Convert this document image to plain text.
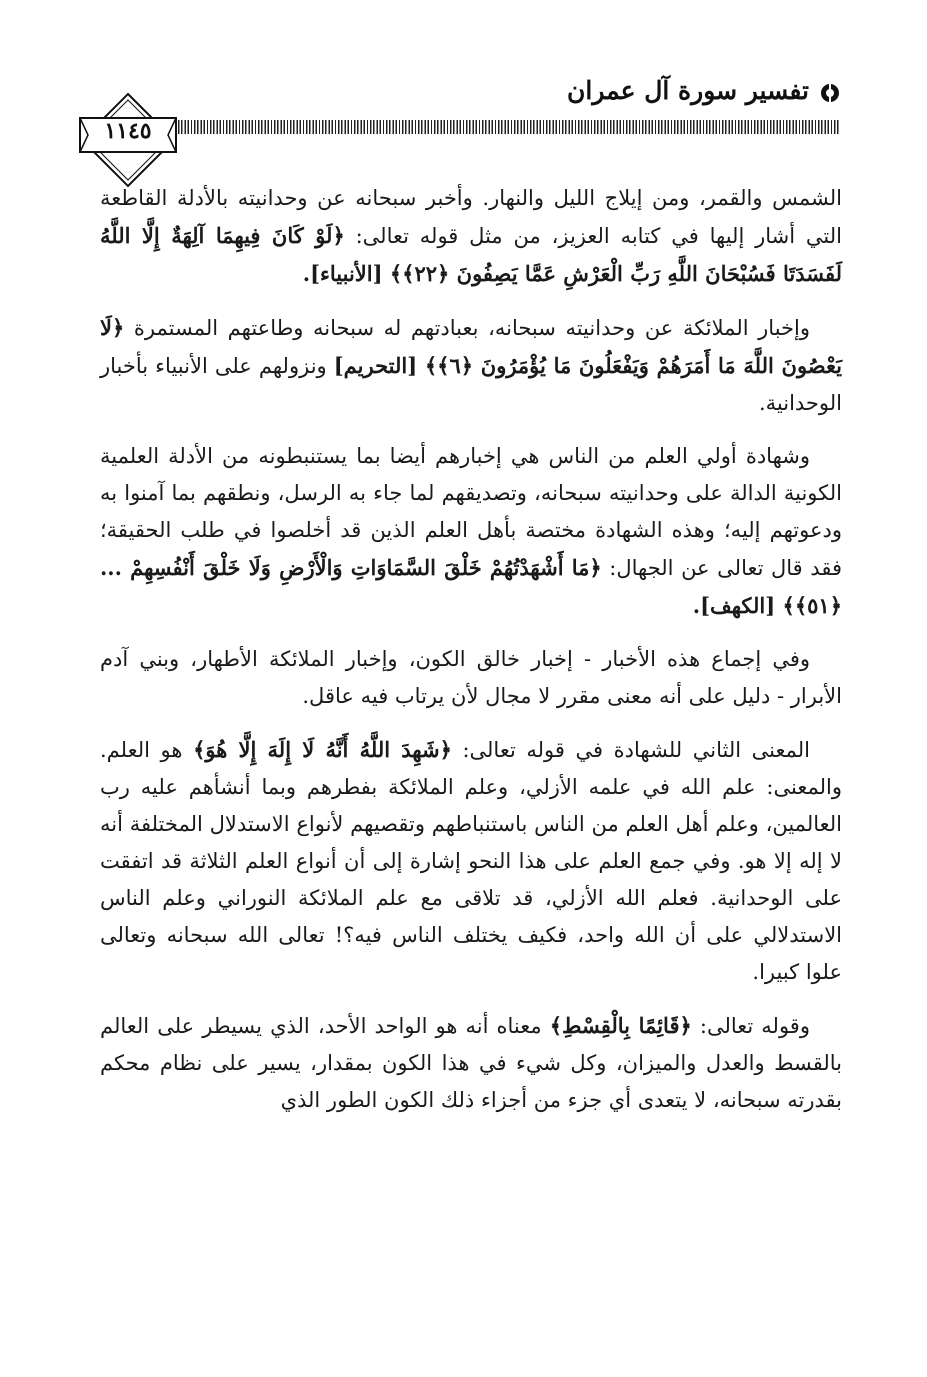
تفسير سورة آل عمران
١١٤٥

الشمس والقمر، ومن إيلاج الليل والنهار. وأخبر سبحانه عن وحدانيته بالأدلة القاطعة التي أشار إليها في كتابه العزيز، من مثل قوله تعالى: ﴿لَوْ كَانَ فِيهِمَا آلِهَةٌ إِلَّا اللَّهُ لَفَسَدَتَا فَسُبْحَانَ اللَّهِ رَبِّ الْعَرْشِ عَمَّا يَصِفُونَ ﴿٢٢﴾﴾ [الأنبياء].

وإخبار الملائكة عن وحدانيته سبحانه، بعبادتهم له سبحانه وطاعتهم المستمرة ﴿لَا يَعْصُونَ اللَّهَ مَا أَمَرَهُمْ وَيَفْعَلُونَ مَا يُؤْمَرُونَ ﴿٦﴾﴾ [التحريم] ونزولهم على الأنبياء بأخبار الوحدانية.

وشهادة أولي العلم من الناس هي إخبارهم أيضا بما يستنبطونه من الأدلة العلمية الكونية الدالة على وحدانيته سبحانه، وتصديقهم لما جاء به الرسل، ونطقهم بما آمنوا به ودعوتهم إليه؛ وهذه الشهادة مختصة بأهل العلم الذين قد أخلصوا في طلب الحقيقة؛ فقد قال تعالى عن الجهال: ﴿مَا أَشْهَدْتُهُمْ خَلْقَ السَّمَاوَاتِ وَالْأَرْضِ وَلَا خَلْقَ أَنْفُسِهِمْ ... ﴿٥١﴾﴾ [الكهف].

وفي إجماع هذه الأخبار - إخبار خالق الكون، وإخبار الملائكة الأطهار، وبني آدم الأبرار - دليل على أنه معنى مقرر لا مجال لأن يرتاب فيه عاقل.

المعنى الثاني للشهادة في قوله تعالى: ﴿شَهِدَ اللَّهُ أَنَّهُ لَا إِلَهَ إِلَّا هُوَ﴾ هو العلم. والمعنى: علم الله في علمه الأزلي، وعلم الملائكة بفطرهم وبما أنشأهم عليه رب العالمين، وعلم أهل العلم من الناس باستنباطهم وتقصيهم لأنواع الاستدلال المختلفة أنه لا إله إلا هو. وفي جمع العلم على هذا النحو إشارة إلى أن أنواع العلم الثلاثة قد اتفقت على الوحدانية. فعلم الله الأزلي، قد تلاقى مع علم الملائكة النوراني وعلم الناس الاستدلالي على أن الله واحد، فكيف يختلف الناس فيه؟! تعالى الله سبحانه وتعالى علوا كبيرا.

وقوله تعالى: ﴿قَائِمًا بِالْقِسْطِ﴾ معناه أنه هو الواحد الأحد، الذي يسيطر على العالم بالقسط والعدل والميزان، وكل شيء في هذا الكون بمقدار، يسير على نظام محكم بقدرته سبحانه، لا يتعدى أي جزء من أجزاء ذلك الكون الطور الذي
